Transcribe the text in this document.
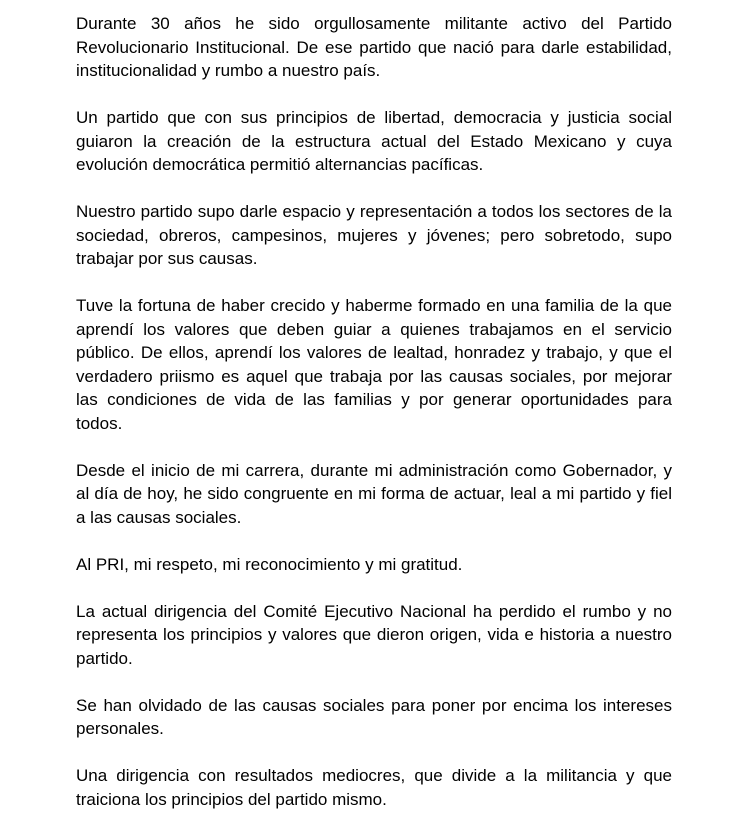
Durante 30 años he sido orgullosamente militante activo del Partido Revolucionario Institucional. De ese partido que nació para darle estabilidad, institucionalidad y rumbo a nuestro país.

Un partido que con sus principios de libertad, democracia y justicia social guiaron la creación de la estructura actual del Estado Mexicano y cuya evolución democrática permitió alternancias pacíficas.

Nuestro partido supo darle espacio y representación a todos los sectores de la sociedad, obreros, campesinos, mujeres y jóvenes; pero sobretodo, supo trabajar por sus causas.

Tuve la fortuna de haber crecido y haberme formado en una familia de la que aprendí los valores que deben guiar a quienes trabajamos en el servicio público. De ellos, aprendí los valores de lealtad, honradez y trabajo, y que el verdadero priismo es aquel que trabaja por las causas sociales, por mejorar las condiciones de vida de las familias y por generar oportunidades para todos.

Desde el inicio de mi carrera, durante mi administración como Gobernador, y al día de hoy, he sido congruente en mi forma de actuar, leal a mi partido y fiel a las causas sociales.

Al PRI, mi respeto, mi reconocimiento y mi gratitud.

La actual dirigencia del Comité Ejecutivo Nacional ha perdido el rumbo y no representa los principios y valores que dieron origen, vida e historia a nuestro partido.

Se han olvidado de las causas sociales para poner por encima los intereses personales.

Una dirigencia con resultados mediocres, que divide a la militancia y que traiciona los principios del partido mismo.
